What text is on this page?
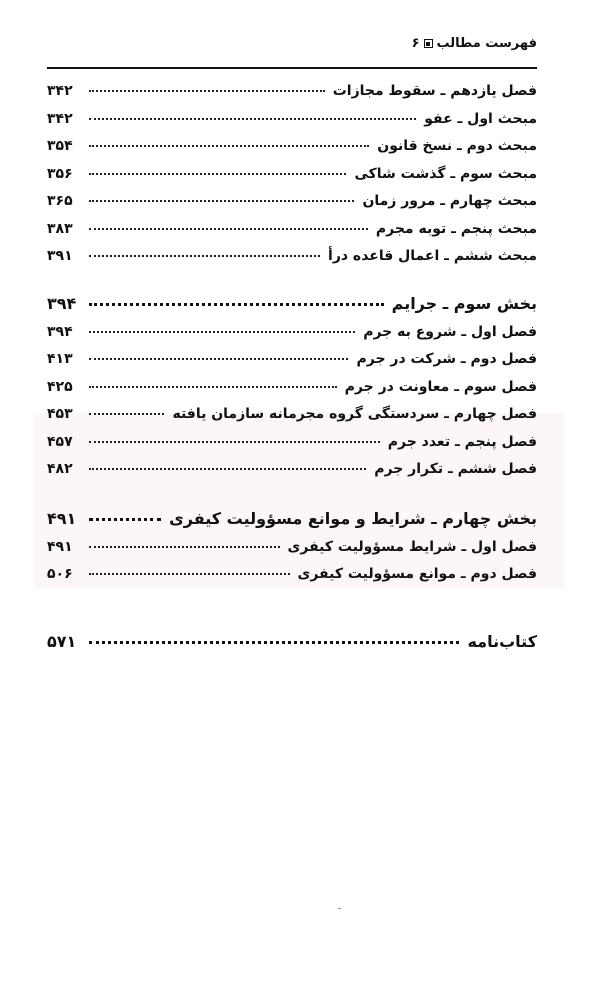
فهرست مطالب
۶
فصل یازدهم ـ سقوط مجازات
۳۴۲
مبحث اول ـ عفو
۳۴۲
مبحث دوم ـ نسخ قانون
۳۵۴
مبحث سوم ـ گذشت شاکی
۳۵۶
مبحث چهارم ـ مرور زمان
۳۶۵
مبحث پنجم ـ توبه مجرم
۳۸۳
مبحث ششم ـ اعمال قاعده درأ
۳۹۱
بخش سوم ـ جرایم
۳۹۴
فصل اول ـ شروع به جرم
۳۹۴
فصل دوم ـ شرکت در جرم
۴۱۳
فصل سوم ـ معاونت در جرم
۴۲۵
فصل چهارم ـ سردستگی گروه مجرمانه سازمان یافته
۴۵۳
فصل پنجم ـ تعدد جرم
۴۵۷
فصل ششم ـ تکرار جرم
۴۸۲
بخش چهارم ـ شرایط و موانع مسؤولیت کیفری
۴۹۱
فصل اول ـ شرایط مسؤولیت کیفری
۴۹۱
فصل دوم ـ موانع مسؤولیت کیفری
۵۰۶
کتاب‌نامه
۵۷۱
